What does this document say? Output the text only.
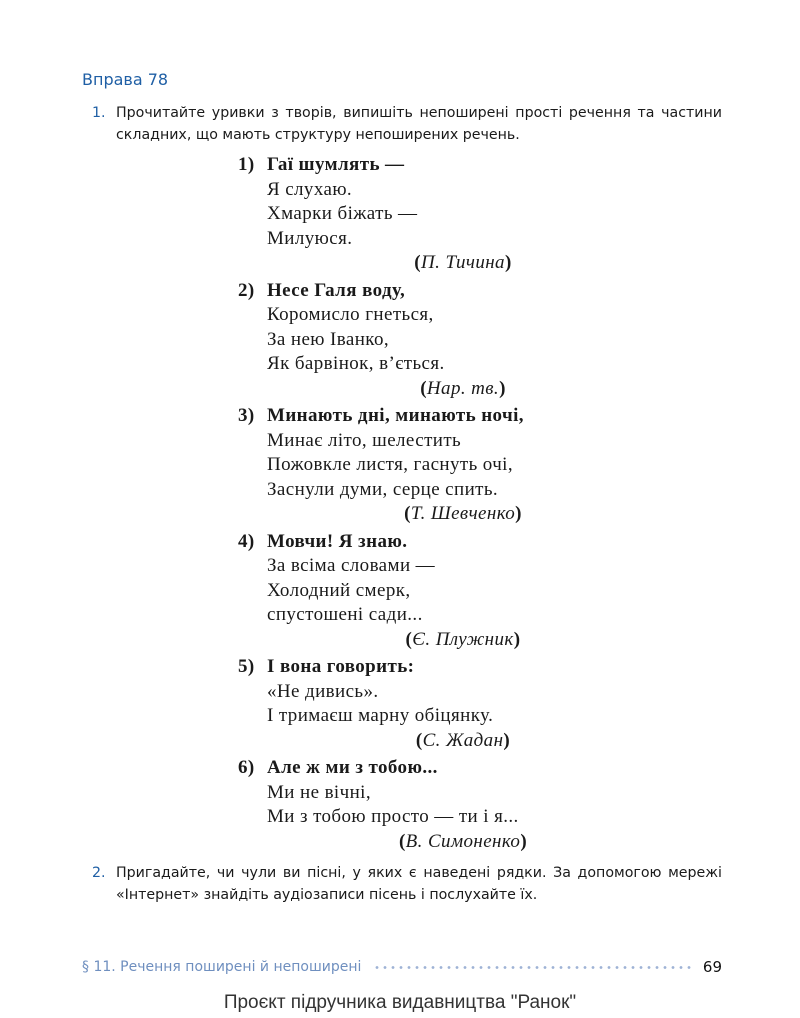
Вправа 78
1. Прочитайте уривки з творів, випишіть непоширені прості речення та частини складних, що мають структуру непоширених речень.
1) Гаї шумлять —
Я слухаю.
Хмарки біжать —
Милуюся.
(П. Тичина)
2) Несе Галя воду,
Коромисло гнеться,
За нею Іванко,
Як барвінок, в’ється.
(Нар. тв.)
3) Минають дні, минають ночі,
Минає літо, шелестить
Пожовкле листя, гаснуть очі,
Заснули думи, серце спить.
(Т. Шевченко)
4) Мовчи! Я знаю.
За всіма словами —
Холодний смерк,
спустошені сади...
(Є. Плужник)
5) І вона говорить:
«Не дивись».
І тримаєш марну обіцянку.
(С. Жадан)
6) Але ж ми з тобою...
Ми не вічні,
Ми з тобою просто — ти і я...
(В. Симоненко)
2. Пригадайте, чи чули ви пісні, у яких є наведені рядки. За допомогою мережі «Інтернет» знайдіть аудіозаписи пісень і послухайте їх.
§ 11. Речення поширені й непоширені	69
Проєкт підручника видавництва "Ранок"
